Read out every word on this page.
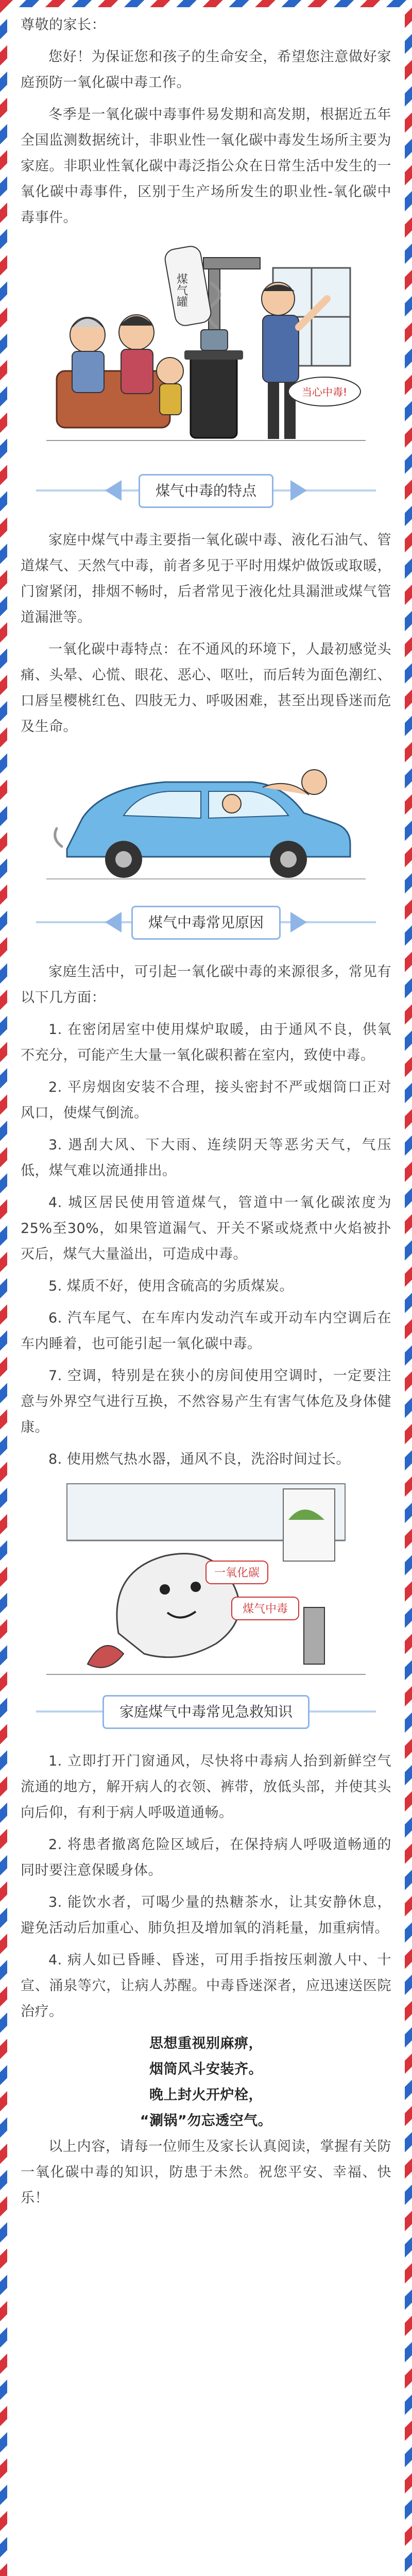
尊敬的家长：

您好！为保证您和孩子的生命安全，希望您注意做好家庭预防一氧化碳中毒工作。

冬季是一氧化碳中毒事件易发期和高发期，根据近五年全国监测数据统计，非职业性一氧化碳中毒发生场所主要为家庭。非职业性氧化碳中毒泛指公众在日常生活中发生的一氧化碳中毒事件，区别于生产场所发生的职业性-氧化碳中毒事件。

煤气罐
当心中毒!
煤气中毒的特点

家庭中煤气中毒主要指一氧化碳中毒、液化石油气、管道煤气、天然气中毒，前者多见于平时用煤炉做饭或取暖，门窗紧闭，排烟不畅时，后者常见于液化灶具漏泄或煤气管道漏泄等。

一氧化碳中毒特点：在不通风的环境下，人最初感觉头痛、头晕、心慌、眼花、恶心、呕吐，而后转为面色潮红、口唇呈樱桃红色、四肢无力、呼吸困难，甚至出现昏迷而危及生命。

煤气中毒常见原因

家庭生活中，可引起一氧化碳中毒的来源很多，常见有以下几方面：

1. 在密闭居室中使用煤炉取暖，由于通风不良，供氧不充分，可能产生大量一氧化碳积蓄在室内，致使中毒。

2. 平房烟囱安装不合理，接头密封不严或烟筒口正对风口，使煤气倒流。

3. 遇刮大风、下大雨、连续阴天等恶劣天气，气压低，煤气难以流通排出。

4. 城区居民使用管道煤气，管道中一氧化碳浓度为25%至30%，如果管道漏气、开关不紧或烧煮中火焰被扑灭后，煤气大量溢出，可造成中毒。

5. 煤质不好，使用含硫高的劣质煤炭。

6. 汽车尾气、在车库内发动汽车或开动车内空调后在车内睡着，也可能引起一氧化碳中毒。

7. 空调，特别是在狭小的房间使用空调时，一定要注意与外界空气进行互换，不然容易产生有害气体危及身体健康。

8. 使用燃气热水器，通风不良，洗浴时间过长。

一氧化碳
煤气中毒
家庭煤气中毒常见急救知识

1. 立即打开门窗通风，尽快将中毒病人抬到新鲜空气流通的地方，解开病人的衣领、裤带，放低头部，并使其头向后仰，有利于病人呼吸道通畅。

2. 将患者撤离危险区域后，在保持病人呼吸道畅通的同时要注意保暖身体。

3. 能饮水者，可喝少量的热糖茶水，让其安静休息，避免活动后加重心、肺负担及增加氧的消耗量，加重病情。

4. 病人如已昏睡、昏迷，可用手指按压刺激人中、十宣、涌泉等穴，让病人苏醒。中毒昏迷深者，应迅速送医院治疗。

思想重视别麻痹，

烟筒风斗安装齐。

晚上封火开炉栓，

“涮锅”勿忘透空气。

以上内容，请每一位师生及家长认真阅读，掌握有关防一氧化碳中毒的知识，防患于未然。祝您平安、幸福、快乐！
